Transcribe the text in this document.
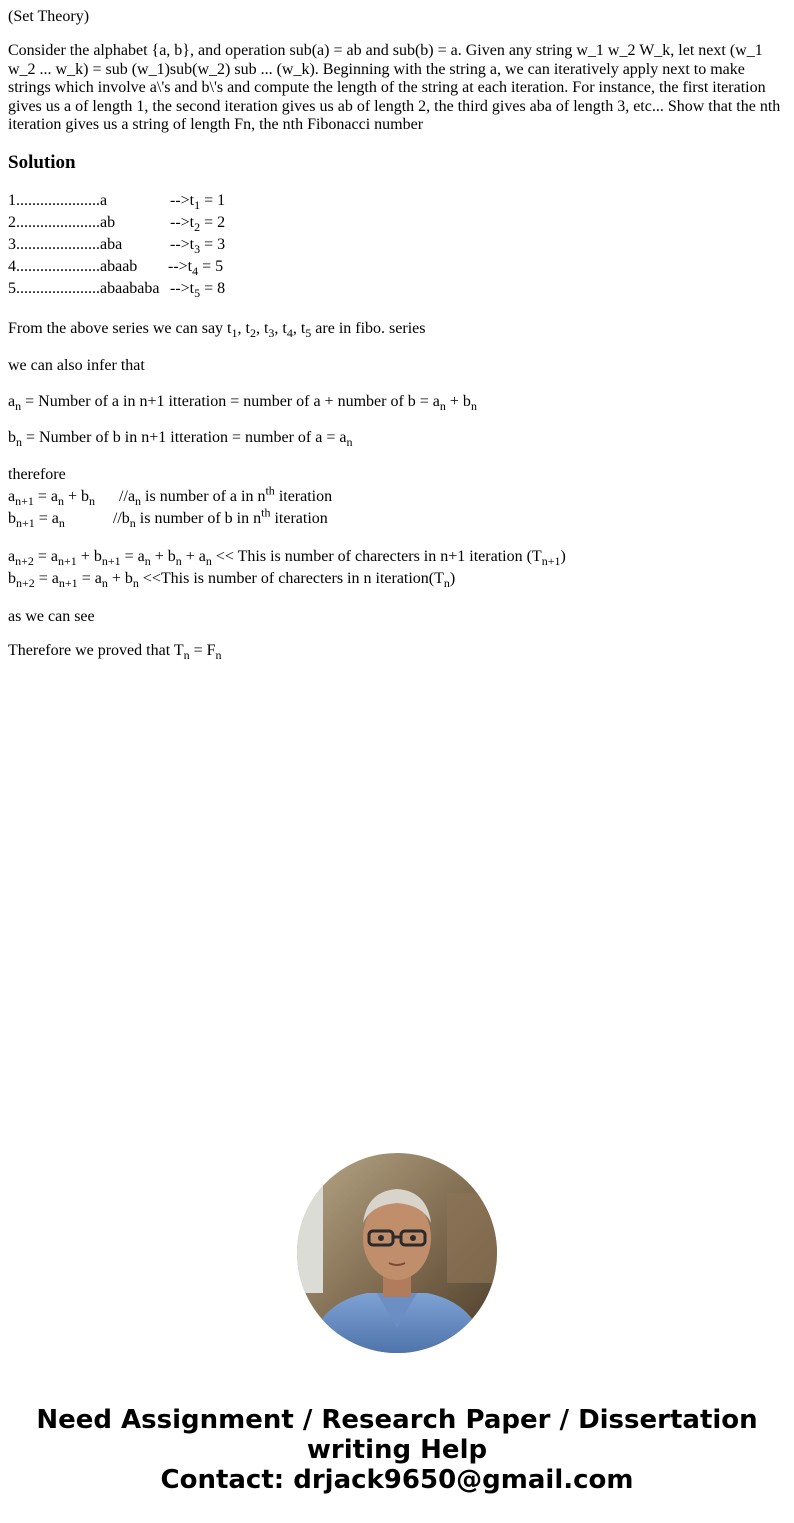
(Set Theory)

Consider the alphabet {a, b}, and operation sub(a) = ab and sub(b) = a. Given any string w_1 w_2 W_k, let next (w_1 w_2 ... w_k) = sub (w_1)sub(w_2) sub ... (w_k). Beginning with the string a, we can iteratively apply next to make strings which involve a\'s and b\'s and compute the length of the string at each iteration. For instance, the first iteration gives us a of length 1, the second iteration gives us ab of length 2, the third gives aba of length 3, etc... Show that the nth iteration gives us a string of length Fn, the nth Fibonacci number

Solution
1.....................a	$-->t_1 = 1$
2.....................ab	$-->t_2 = 2$
3.....................aba	$-->t_3 = 3$
4.....................abaab	$-->t_4 = 5$
5.....................abaababa $-->t_5 = 8$

From the above series we can say $t_1$, $t_2$, $t_3$, $t_4$, $t_5$ are in fibo. series

we can also infer that

$a_n$ = Number of a in n+1 itteration = number of a + number of $b = a_n + b_n$

$b_n$ = Number of b in n+1 itteration = number of $a = a_n$

therefore

$a_{n+1} = a_n + b_n$ $//a_n$ is number of a in $n^{th}$ iteration

$b_{n+1} = a_n$	$//b_n$ is number of b in $n^{th}$ iteration

$a_{n+2} = a_{n+1} + b_{n+1} = a_n + b_n + a_n$ << This is number of charecters in n+1 iteration $(T_{n+1})$

$b_{n+2} = a_{n+1} = a_n + b_n$ <<This is number of charecters in n $iteration(T_n)$

as we can see

Therefore we proved that $T_n = F_n$

Need Assignment / Research Paper / Dissertation
writing Help
Contact: drjack9650@gmail.com
